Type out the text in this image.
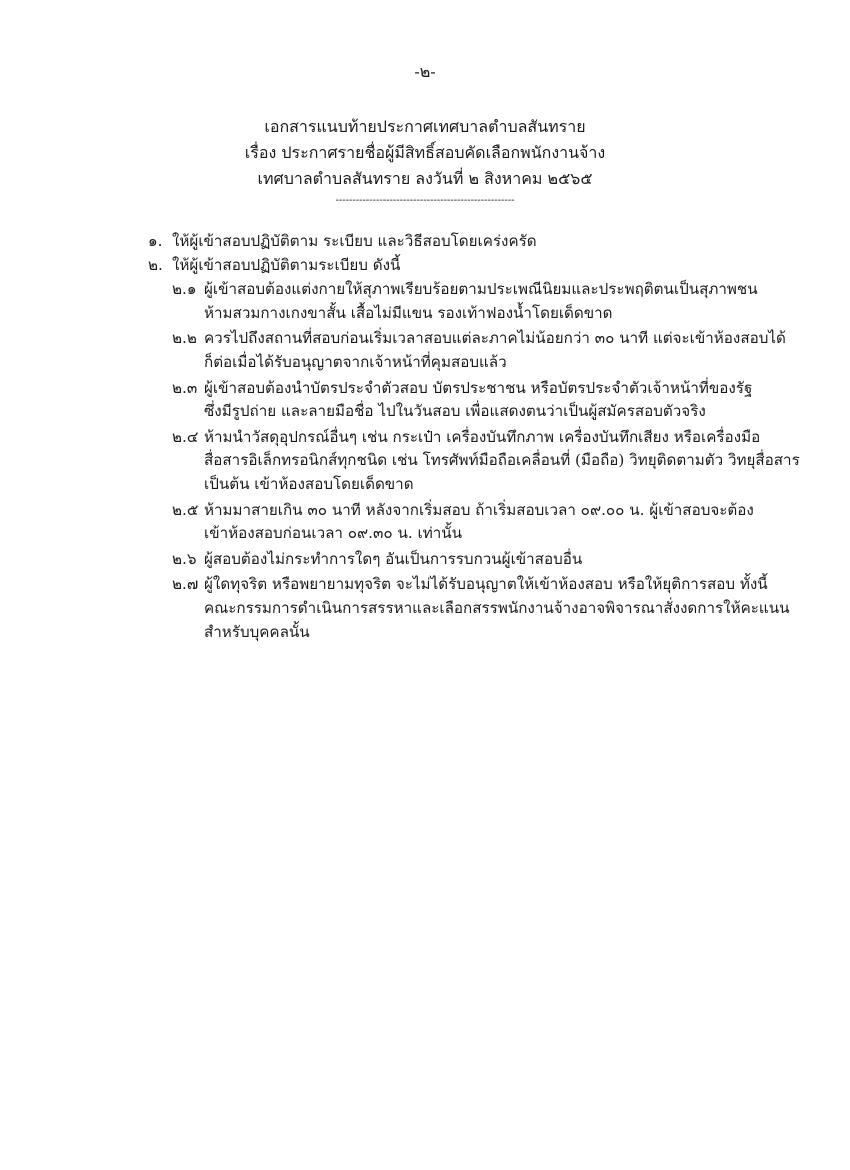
-๒-
เอกสารแนบท้ายประกาศเทศบาลตำบลสันทราย
เรื่อง ประกาศรายชื่อผู้มีสิทธิ์สอบคัดเลือกพนักงานจ้าง
เทศบาลตำบลสันทราย ลงวันที่ ๒ สิงหาคม ๒๕๖๕
-----------------------------------------------------
๑. ให้ผู้เข้าสอบปฏิบัติตาม ระเบียบ และวิธีสอบโดยเคร่งครัด
๒. ให้ผู้เข้าสอบปฏิบัติตามระเบียบ ดังนี้
๒.๑ ผู้เข้าสอบต้องแต่งกายให้สุภาพเรียบร้อยตามประเพณีนิยมและประพฤติตนเป็นสุภาพชน
ห้ามสวมกางเกงขาสั้น เสื้อไม่มีแขน รองเท้าฟองน้ำโดยเด็ดขาด
๒.๒ ควรไปถึงสถานที่สอบก่อนเริ่มเวลาสอบแต่ละภาคไม่น้อยกว่า ๓๐ นาที แต่จะเข้าห้องสอบได้
ก็ต่อเมื่อได้รับอนุญาตจากเจ้าหน้าที่คุมสอบแล้ว
๒.๓ ผู้เข้าสอบต้องนำบัตรประจำตัวสอบ บัตรประชาชน หรือบัตรประจำตัวเจ้าหน้าที่ของรัฐ
ซึ่งมีรูปถ่าย และลายมือชื่อ ไปในวันสอบ เพื่อแสดงตนว่าเป็นผู้สมัครสอบตัวจริง
๒.๔ ห้ามนำวัสดุอุปกรณ์อื่นๆ เช่น กระเป๋า เครื่องบันทึกภาพ เครื่องบันทึกเสียง หรือเครื่องมือ
สื่อสารอิเล็กทรอนิกส์ทุกชนิด เช่น โทรศัพท์มือถือเคลื่อนที่ (มือถือ) วิทยุติดตามตัว วิทยุสื่อสาร
เป็นต้น เข้าห้องสอบโดยเด็ดขาด
๒.๕ ห้ามมาสายเกิน ๓๐ นาที หลังจากเริ่มสอบ ถ้าเริ่มสอบเวลา ๐๙.๐๐ น. ผู้เข้าสอบจะต้อง
เข้าห้องสอบก่อนเวลา ๐๙.๓๐ น. เท่านั้น
๒.๖ ผู้สอบต้องไม่กระทำการใดๆ อันเป็นการรบกวนผู้เข้าสอบอื่น
๒.๗ ผู้ใดทุจริต หรือพยายามทุจริต จะไม่ได้รับอนุญาตให้เข้าห้องสอบ หรือให้ยุติการสอบ ทั้งนี้
คณะกรรมการดำเนินการสรรหาและเลือกสรรพนักงานจ้างอาจพิจารณาสั่งงดการให้คะแนน
สำหรับบุคคลนั้น
